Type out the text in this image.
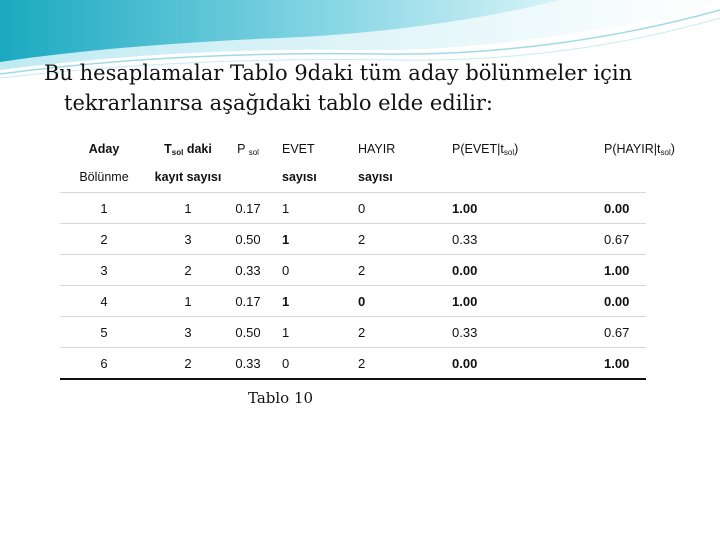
Bu hesaplamalar Tablo 9daki tüm aday bölünmeler için
tekrarlanırsa aşağıdaki tablo elde edilir:
Aday	$T_{sol}$ daki	P $_{sol}$	EVET	HAYIR	$P(EVET|t_{sol})$	$P(HAYIR|t_{sol})$
Bölünme	kayıt sayısı		sayısı	sayısı		
1	1	0.17	1	0	1.00	0.00
2	3	0.50	1	2	0.33	0.67
3	2	0.33	0	2	0.00	1.00
4	1	0.17	1	0	1.00	0.00
5	3	0.50	1	2	0.33	0.67
6	2	0.33	0	2	0.00	1.00
Tablo 10
